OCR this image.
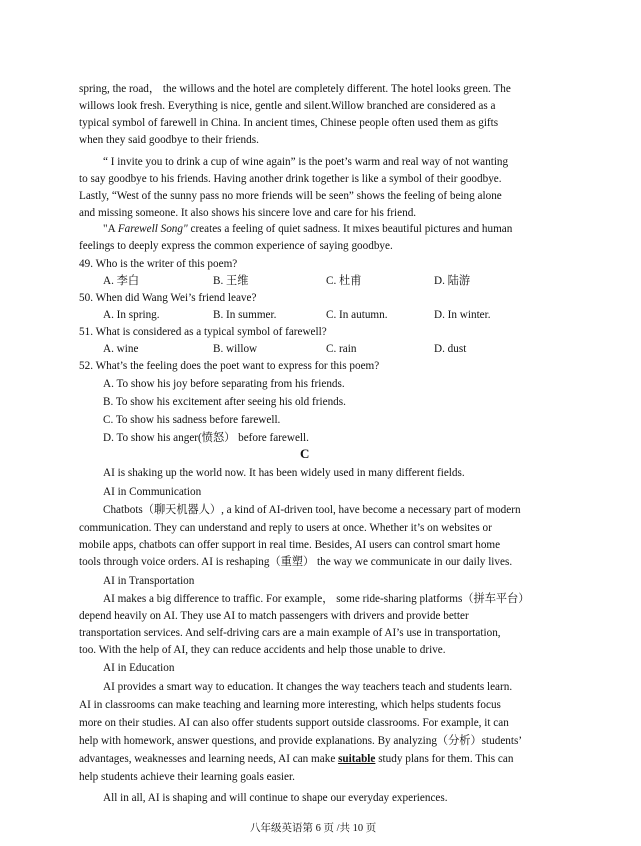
spring, the road， the willows and the hotel are completely different. The hotel looks green. The
willows look fresh. Everything is nice, gentle and silent.Willow branched are considered as a
typical symbol of farewell in China. In ancient times, Chinese people often used them as gifts
when they said goodbye to their friends.
“ I invite you to drink a cup of wine again” is the poet’s warm and real way of not wanting
to say goodbye to his friends. Having another drink together is like a symbol of their goodbye.
Lastly, “West of the sunny pass no more friends will be seen” shows the feeling of being alone
and missing someone. It also shows his sincere love and care for his friend.
"A Farewell Song" creates a feeling of quiet sadness. It mixes beautiful pictures and human
feelings to deeply express the common experience of saying goodbye.
49. Who is the writer of this poem?
A. 李白	B. 王维	C. 杜甫	D. 陆游
50. When did Wang Wei’s friend leave?
A. In spring.	B. In summer.	C. In autumn.	D. In winter.
51. What is considered as a typical symbol of farewell?
A. wine	B. willow	C. rain	D. dust
52. What’s the feeling does the poet want to express for this poem?
A. To show his joy before separating from his friends.
B. To show his excitement after seeing his old friends.
C. To show his sadness before farewell.
D. To show his anger(愤怒） before farewell.
C
AI is shaking up the world now. It has been widely used in many different fields.
AI in Communication
Chatbots（聊天机器人）, a kind of AI-driven tool, have become a necessary part of modern
communication. They can understand and reply to users at once. Whether it’s on websites or
mobile apps, chatbots can offer support in real time. Besides, AI users can control smart home
tools through voice orders. AI is reshaping（重塑） the way we communicate in our daily lives.
AI in Transportation
AI makes a big difference to traffic. For example， some ride-sharing platforms（拼车平台）
depend heavily on AI. They use AI to match passengers with drivers and provide better
transportation services. And self-driving cars are a main example of AI’s use in transportation,
too. With the help of AI, they can reduce accidents and help those unable to drive.
AI in Education
AI provides a smart way to education. It changes the way teachers teach and students learn.
AI in classrooms can make teaching and learning more interesting, which helps students focus
more on their studies. AI can also offer students support outside classrooms. For example, it can
help with homework, answer questions, and provide explanations. By analyzing（分析）students’
advantages, weaknesses and learning needs, AI can make suitable study plans for them. This can
help students achieve their learning goals easier.
All in all, AI is shaping and will continue to shape our everyday experiences.
八年级英语第 6 页 /共 10 页
